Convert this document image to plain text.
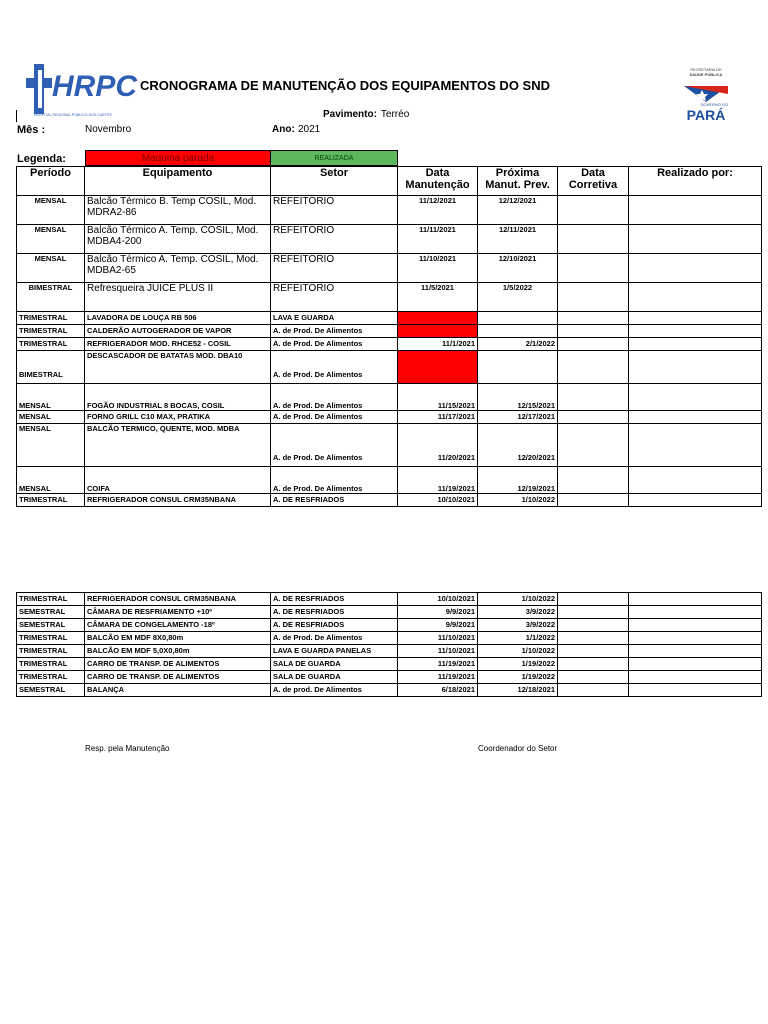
HRPC
HOSPITAL REGIONAL PÚBLICO DOS CAETÉS
CRONOGRAMA DE MANUTENÇÃO DOS EQUIPAMENTOS DO SND
SECRETARIA DE
SAÚDE PÚBLICA
GOVERNO DO
PARÁ
Pavimento: Terréo
Mês :	Novembro	Ano: 2021
Legenda:	Maquina parada	REALIZADA
Período	Equipamento	Setor	Data Manutenção	Próxima Manut. Prev.	Data Corretiva	Realizado por:
MENSAL	Balcão Térmico B. Temp COSIL, Mod. MDRA2-86	REFEITÓRIO	11/12/2021	12/12/2021		
MENSAL	Balcão Térmico A. Temp. COSIL, Mod. MDBA4-200	REFEITÓRIO	11/11/2021	12/11/2021		
MENSAL	Balcão Térmico A. Temp. COSIL, Mod. MDBA2-65	REFEITÓRIO	11/10/2021	12/10/2021		
BIMESTRAL	Refresqueira JUICE PLUS II	REFEITÓRIO	11/5/2021	1/5/2022		
TRIMESTRAL	LAVADORA DE LOUÇA RB 506	LAVA E GUARDA				
TRIMESTRAL	CALDERÃO AUTOGERADOR DE VAPOR	A. de Prod. De Alimentos				
TRIMESTRAL	REFRIGERADOR MOD. RHCE52 - COSIL	A. de Prod. De Alimentos	11/1/2021	2/1/2022		
BIMESTRAL	DESCASCADOR DE BATATAS MOD. DBA10	A. de Prod. De Alimentos				
MENSAL	FOGÃO INDUSTRIAL 8 BOCAS, COSIL	A. de Prod. De Alimentos	11/15/2021	12/15/2021		
MENSAL	FORNO GRILL C10 MAX, PRATIKA	A. de Prod. De Alimentos	11/17/2021	12/17/2021		
MENSAL	BALCÃO TERMICO, QUENTE, MOD. MDBA	A. de Prod. De Alimentos	11/20/2021	12/20/2021		
MENSAL	COIFA	A. de Prod. De Alimentos	11/19/2021	12/19/2021		
TRIMESTRAL	REFRIGERADOR CONSUL CRM35NBANA	A. DE RESFRIADOS	10/10/2021	1/10/2022		
TRIMESTRAL	REFRIGERADOR CONSUL CRM35NBANA	A. DE RESFRIADOS	10/10/2021	1/10/2022		
SEMESTRAL	CÂMARA DE RESFRIAMENTO +10º	A. DE RESFRIADOS	9/9/2021	3/9/2022		
SEMESTRAL	CÂMARA DE CONGELAMENTO -18º	A. DE RESFRIADOS	9/9/2021	3/9/2022		
TRIMESTRAL	BALCÃO EM MDF 8X0,80m	A. de Prod. De Alimentos	11/10/2021	1/1/2022		
TRIMESTRAL	BALCÃO EM MDF 5,0X0,80m	LAVA E GUARDA PANELAS	11/10/2021	1/10/2022		
TRIMESTRAL	CARRO DE TRANSP. DE ALIMENTOS	SALA DE GUARDA	11/19/2021	1/19/2022		
TRIMESTRAL	CARRO DE TRANSP. DE ALIMENTOS	SALA DE GUARDA	11/19/2021	1/19/2022		
SEMESTRAL	BALANÇA	A. de prod. De Alimentos	6/18/2021	12/18/2021		
Resp. pela Manutenção	Coordenador do Setor
